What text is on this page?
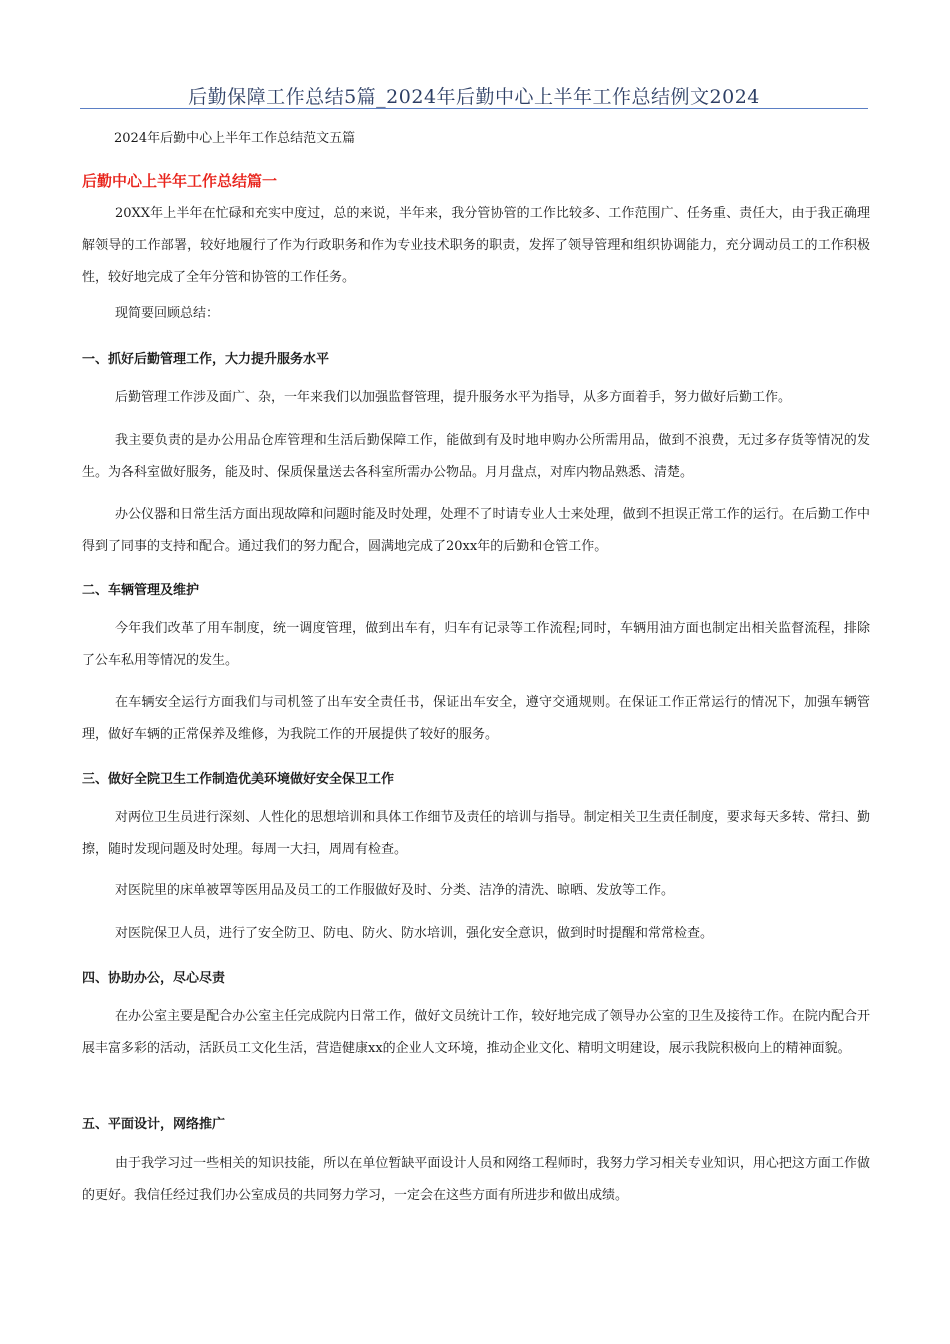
后勤保障工作总结5篇_2024年后勤中心上半年工作总结例文2024
2024年后勤中心上半年工作总结范文五篇
后勤中心上半年工作总结篇一

20XX年上半年在忙碌和充实中度过，总的来说，半年来，我分管协管的工作比较多、工作范围广、任务重、责任大，由于我正确理解领导的工作部署，较好地履行了作为行政职务和作为专业技术职务的职责，发挥了领导管理和组织协调能力，充分调动员工的工作积极性，较好地完成了全年分管和协管的工作任务。

现简要回顾总结：

一、抓好后勤管理工作，大力提升服务水平

后勤管理工作涉及面广、杂，一年来我们以加强监督管理，提升服务水平为指导，从多方面着手，努力做好后勤工作。

我主要负责的是办公用品仓库管理和生活后勤保障工作，能做到有及时地申购办公所需用品，做到不浪费，无过多存货等情况的发生。为各科室做好服务，能及时、保质保量送去各科室所需办公物品。月月盘点，对库内物品熟悉、清楚。

办公仪器和日常生活方面出现故障和问题时能及时处理，处理不了时请专业人士来处理，做到不担误正常工作的运行。在后勤工作中得到了同事的支持和配合。通过我们的努力配合，圆满地完成了20xx年的后勤和仓管工作。

二、车辆管理及维护

今年我们改革了用车制度，统一调度管理，做到出车有，归车有记录等工作流程;同时，车辆用油方面也制定出相关监督流程，排除了公车私用等情况的发生。

在车辆安全运行方面我们与司机签了出车安全责任书，保证出车安全，遵守交通规则。在保证工作正常运行的情况下，加强车辆管理，做好车辆的正常保养及维修，为我院工作的开展提供了较好的服务。

三、做好全院卫生工作制造优美环境做好安全保卫工作

对两位卫生员进行深刻、人性化的思想培训和具体工作细节及责任的培训与指导。制定相关卫生责任制度，要求每天多转、常扫、勤擦，随时发现问题及时处理。每周一大扫，周周有检查。

对医院里的床单被罩等医用品及员工的工作服做好及时、分类、洁净的清洗、晾晒、发放等工作。

对医院保卫人员，进行了安全防卫、防电、防火、防水培训，强化安全意识，做到时时提醒和常常检查。

四、协助办公，尽心尽责

在办公室主要是配合办公室主任完成院内日常工作，做好文员统计工作，较好地完成了领导办公室的卫生及接待工作。在院内配合开展丰富多彩的活动，活跃员工文化生活，营造健康xx的企业人文环境，推动企业文化、精明文明建设，展示我院积极向上的精神面貌。

五、平面设计，网络推广

由于我学习过一些相关的知识技能，所以在单位暂缺平面设计人员和网络工程师时，我努力学习相关专业知识，用心把这方面工作做的更好。我信任经过我们办公室成员的共同努力学习，一定会在这些方面有所进步和做出成绩。
